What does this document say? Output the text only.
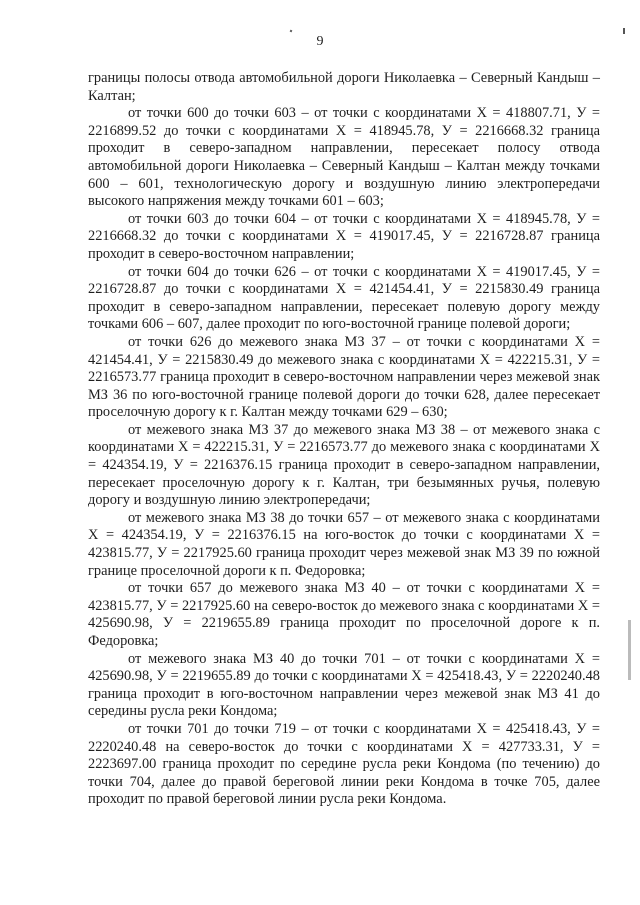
9

границы полосы отвода автомобильной дороги Николаевка – Северный Кандыш – Калтан;

от точки 600 до точки 603 – от точки с координатами X = 418807.71, У = 2216899.52 до точки с координатами X = 418945.78, У = 2216668.32 граница проходит в северо-западном направлении, пересекает полосу отвода автомобильной дороги Николаевка – Северный Кандыш – Калтан между точками 600 – 601, технологическую дорогу и воздушную линию электропередачи высокого напряжения между точками 601 – 603;

от точки 603 до точки 604 – от точки с координатами X = 418945.78, У = 2216668.32 до точки с координатами X = 419017.45, У = 2216728.87 граница проходит в северо-восточном направлении;

от точки 604 до точки 626 – от точки с координатами X = 419017.45, У = 2216728.87 до точки с координатами X = 421454.41, У = 2215830.49 граница проходит в северо-западном направлении, пересекает полевую дорогу между точками 606 – 607, далее проходит по юго-восточной границе полевой дороги;

от точки 626 до межевого знака МЗ 37 – от точки с координатами X = 421454.41, У = 2215830.49 до межевого знака с координатами X = 422215.31, У = 2216573.77 граница проходит в северо-восточном направлении через межевой знак МЗ 36 по юго-восточной границе полевой дороги до точки 628, далее пересекает проселочную дорогу к г. Калтан между точками 629 – 630;

от межевого знака МЗ 37 до межевого знака МЗ 38 – от межевого знака с координатами X = 422215.31, У = 2216573.77 до межевого знака с координатами X = 424354.19, У = 2216376.15 граница проходит в северо-западном направлении, пересекает проселочную дорогу к г. Калтан, три безымянных ручья, полевую дорогу и воздушную линию электропередачи;

от межевого знака МЗ 38 до точки 657 – от межевого знака с координатами X = 424354.19, У = 2216376.15 на юго-восток до точки с координатами X = 423815.77, У = 2217925.60 граница проходит через межевой знак МЗ 39 по южной границе проселочной дороги к п. Федоровка;

от точки 657 до межевого знака МЗ 40 – от точки с координатами X = 423815.77, У = 2217925.60 на северо-восток до межевого знака с координатами X = 425690.98, У = 2219655.89 граница проходит по проселочной дороге к п. Федоровка;

от межевого знака МЗ 40 до точки 701 – от точки с координатами X = 425690.98, У = 2219655.89 до точки с координатами X = 425418.43, У = 2220240.48 граница проходит в юго-восточном направлении через межевой знак МЗ 41 до середины русла реки Кондома;

от точки 701 до точки 719 – от точки с координатами X = 425418.43, У = 2220240.48 на северо-восток до точки с координатами X = 427733.31, У = 2223697.00 граница проходит по середине русла реки Кондома (по течению) до точки 704, далее до правой береговой линии реки Кондома в точке 705, далее проходит по правой береговой линии русла реки Кондома.
